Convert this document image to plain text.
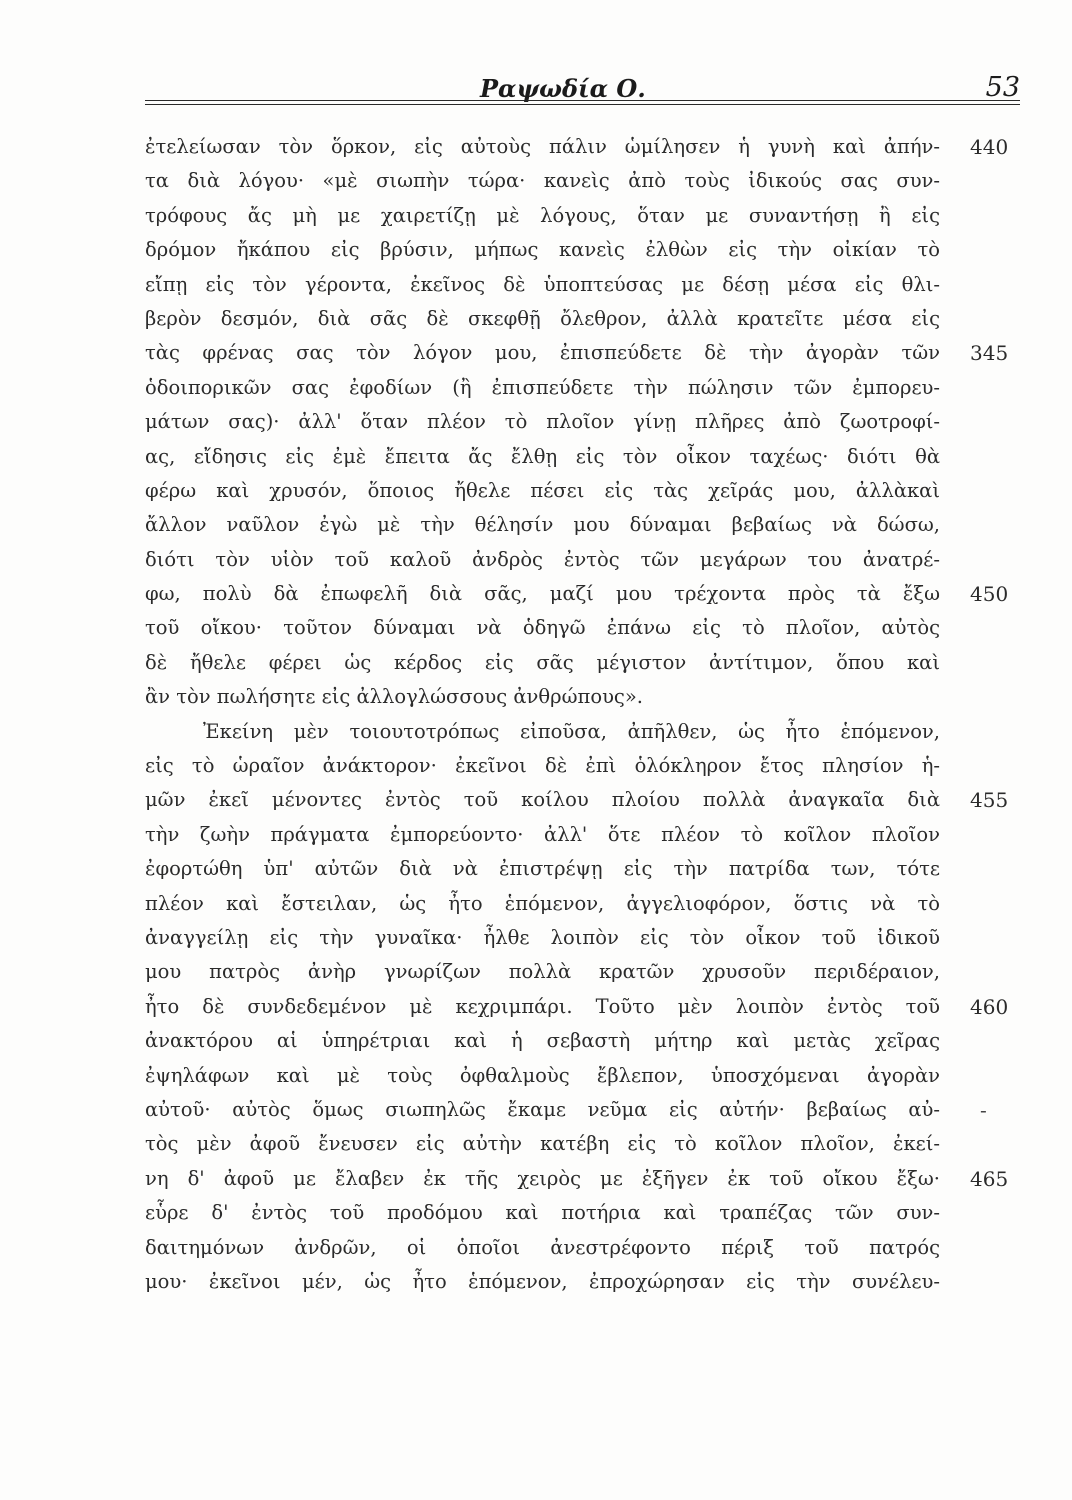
Ραψωδία Ο.	53
ἐτελείωσαν τὸν ὅρκον, εἰς αὐτοὺς πάλιν ὡμίλησεν ἡ γυνὴ καὶ ἀπήν- 440
τα διὰ λόγου· «μὲ σιωπὴν τώρα· κανεὶς ἀπὸ τοὺς ἰδικούς σας συν-
τρόφους ἄς μὴ με χαιρετίζῃ μὲ λόγους, ὅταν με συναντήσῃ ἢ εἰς
δρόμον ἤκάπου εἰς βρύσιν, μήπως κανεὶς ἐλθὼν εἰς τὴν οἰκίαν τὸ
εἴπῃ εἰς τὸν γέροντα, ἐκεῖνος δὲ ὑποπτεύσας με δέσῃ μέσα εἰς θλι-
βερὸν δεσμόν, διὰ σᾶς δὲ σκεφθῇ ὄλεθρον, ἀλλὰ κρατεῖτε μέσα εἰς
τὰς φρένας σας τὸν λόγον μου, ἐπισπεύδετε δὲ τὴν ἀγορὰν τῶν 345
ὁδοιπορικῶν σας ἐφοδίων (ἢ ἐπισπεύδετε τὴν πώλησιν τῶν ἐμπορευ-
μάτων σας)· ἀλλ' ὅταν πλέον τὸ πλοῖον γίνῃ πλῆρες ἀπὸ ζωοτροφί-
ας, εἴδησις εἰς ἐμὲ ἔπειτα ἄς ἔλθῃ εἰς τὸν οἶκον ταχέως· διότι θὰ
φέρω καὶ χρυσόν, ὅποιος ἤθελε πέσει εἰς τὰς χεῖράς μου, ἀλλὰκαὶ
ἄλλον ναῦλον ἐγὼ μὲ τὴν θέλησίν μου δύναμαι βεβαίως νὰ δώσω,
διότι τὸν υἱὸν τοῦ καλοῦ ἀνδρὸς ἐντὸς τῶν μεγάρων του ἀνατρέ-
φω, πολὺ δὰ ἐπωφελῆ διὰ σᾶς, μαζί μου τρέχοντα πρὸς τὰ ἔξω 450
τοῦ οἴκου· τοῦτον δύναμαι νὰ ὁδηγῶ ἐπάνω εἰς τὸ πλοῖον, αὐτὸς
δὲ ἤθελε φέρει ὡς κέρδος εἰς σᾶς μέγιστον ἀντίτιμον, ὅπου καὶ
ἂν τὸν πωλήσητε εἰς ἀλλογλώσσους ἀνθρώπους».
Ἐκείνη μὲν τοιουτοτρόπως εἰποῦσα, ἀπῆλθεν, ὡς ἦτο ἑπόμενον,
εἰς τὸ ὡραῖον ἀνάκτορον· ἐκεῖνοι δὲ ἐπὶ ὁλόκληρον ἔτος πλησίον ἡ-
μῶν ἐκεῖ μένοντες ἐντὸς τοῦ κοίλου πλοίου πολλὰ ἀναγκαῖα διὰ 455
τὴν ζωὴν πράγματα ἐμπορεύοντο· ἀλλ' ὅτε πλέον τὸ κοῖλον πλοῖον
ἐφορτώθη ὑπ' αὐτῶν διὰ νὰ ἐπιστρέψῃ εἰς τὴν πατρίδα των, τότε
πλέον καὶ ἔστειλαν, ὡς ἦτο ἑπόμενον, ἀγγελιοφόρον, ὅστις νὰ τὸ
ἀναγγείλῃ εἰς τὴν γυναῖκα· ἦλθε λοιπὸν εἰς τὸν οἶκον τοῦ ἰδικοῦ
μου πατρὸς ἀνὴρ γνωρίζων πολλὰ κρατῶν χρυσοῦν περιδέραιον,
ἦτο δὲ συνδεδεμένον μὲ κεχριμπάρι. Τοῦτο μὲν λοιπὸν ἐντὸς τοῦ 460
ἀνακτόρου αἱ ὑπηρέτριαι καὶ ἡ σεβαστὴ μήτηρ καὶ μετὰς χεῖρας
ἐψηλάφων καὶ μὲ τοὺς ὀφθαλμοὺς ἔβλεπον, ὑποσχόμεναι ἀγορὰν
αὐτοῦ· αὐτὸς ὅμως σιωπηλῶς ἔκαμε νεῦμα εἰς αὐτήν· βεβαίως αὐ- -
τὸς μὲν ἀφοῦ ἔνευσεν εἰς αὐτὴν κατέβη εἰς τὸ κοῖλον πλοῖον, ἐκεί-
νη δ' ἀφοῦ με ἔλαβεν ἐκ τῆς χειρὸς με ἐξῆγεν ἐκ τοῦ οἴκου ἔξω· 465
εὗρε δ' ἐντὸς τοῦ προδόμου καὶ ποτήρια καὶ τραπέζας τῶν συν-
δαιτημόνων ἀνδρῶν, οἱ ὁποῖοι ἀνεστρέφοντο πέριξ τοῦ πατρός
μου· ἐκεῖνοι μέν, ὡς ἦτο ἑπόμενον, ἐπροχώρησαν εἰς τὴν συνέλευ-
